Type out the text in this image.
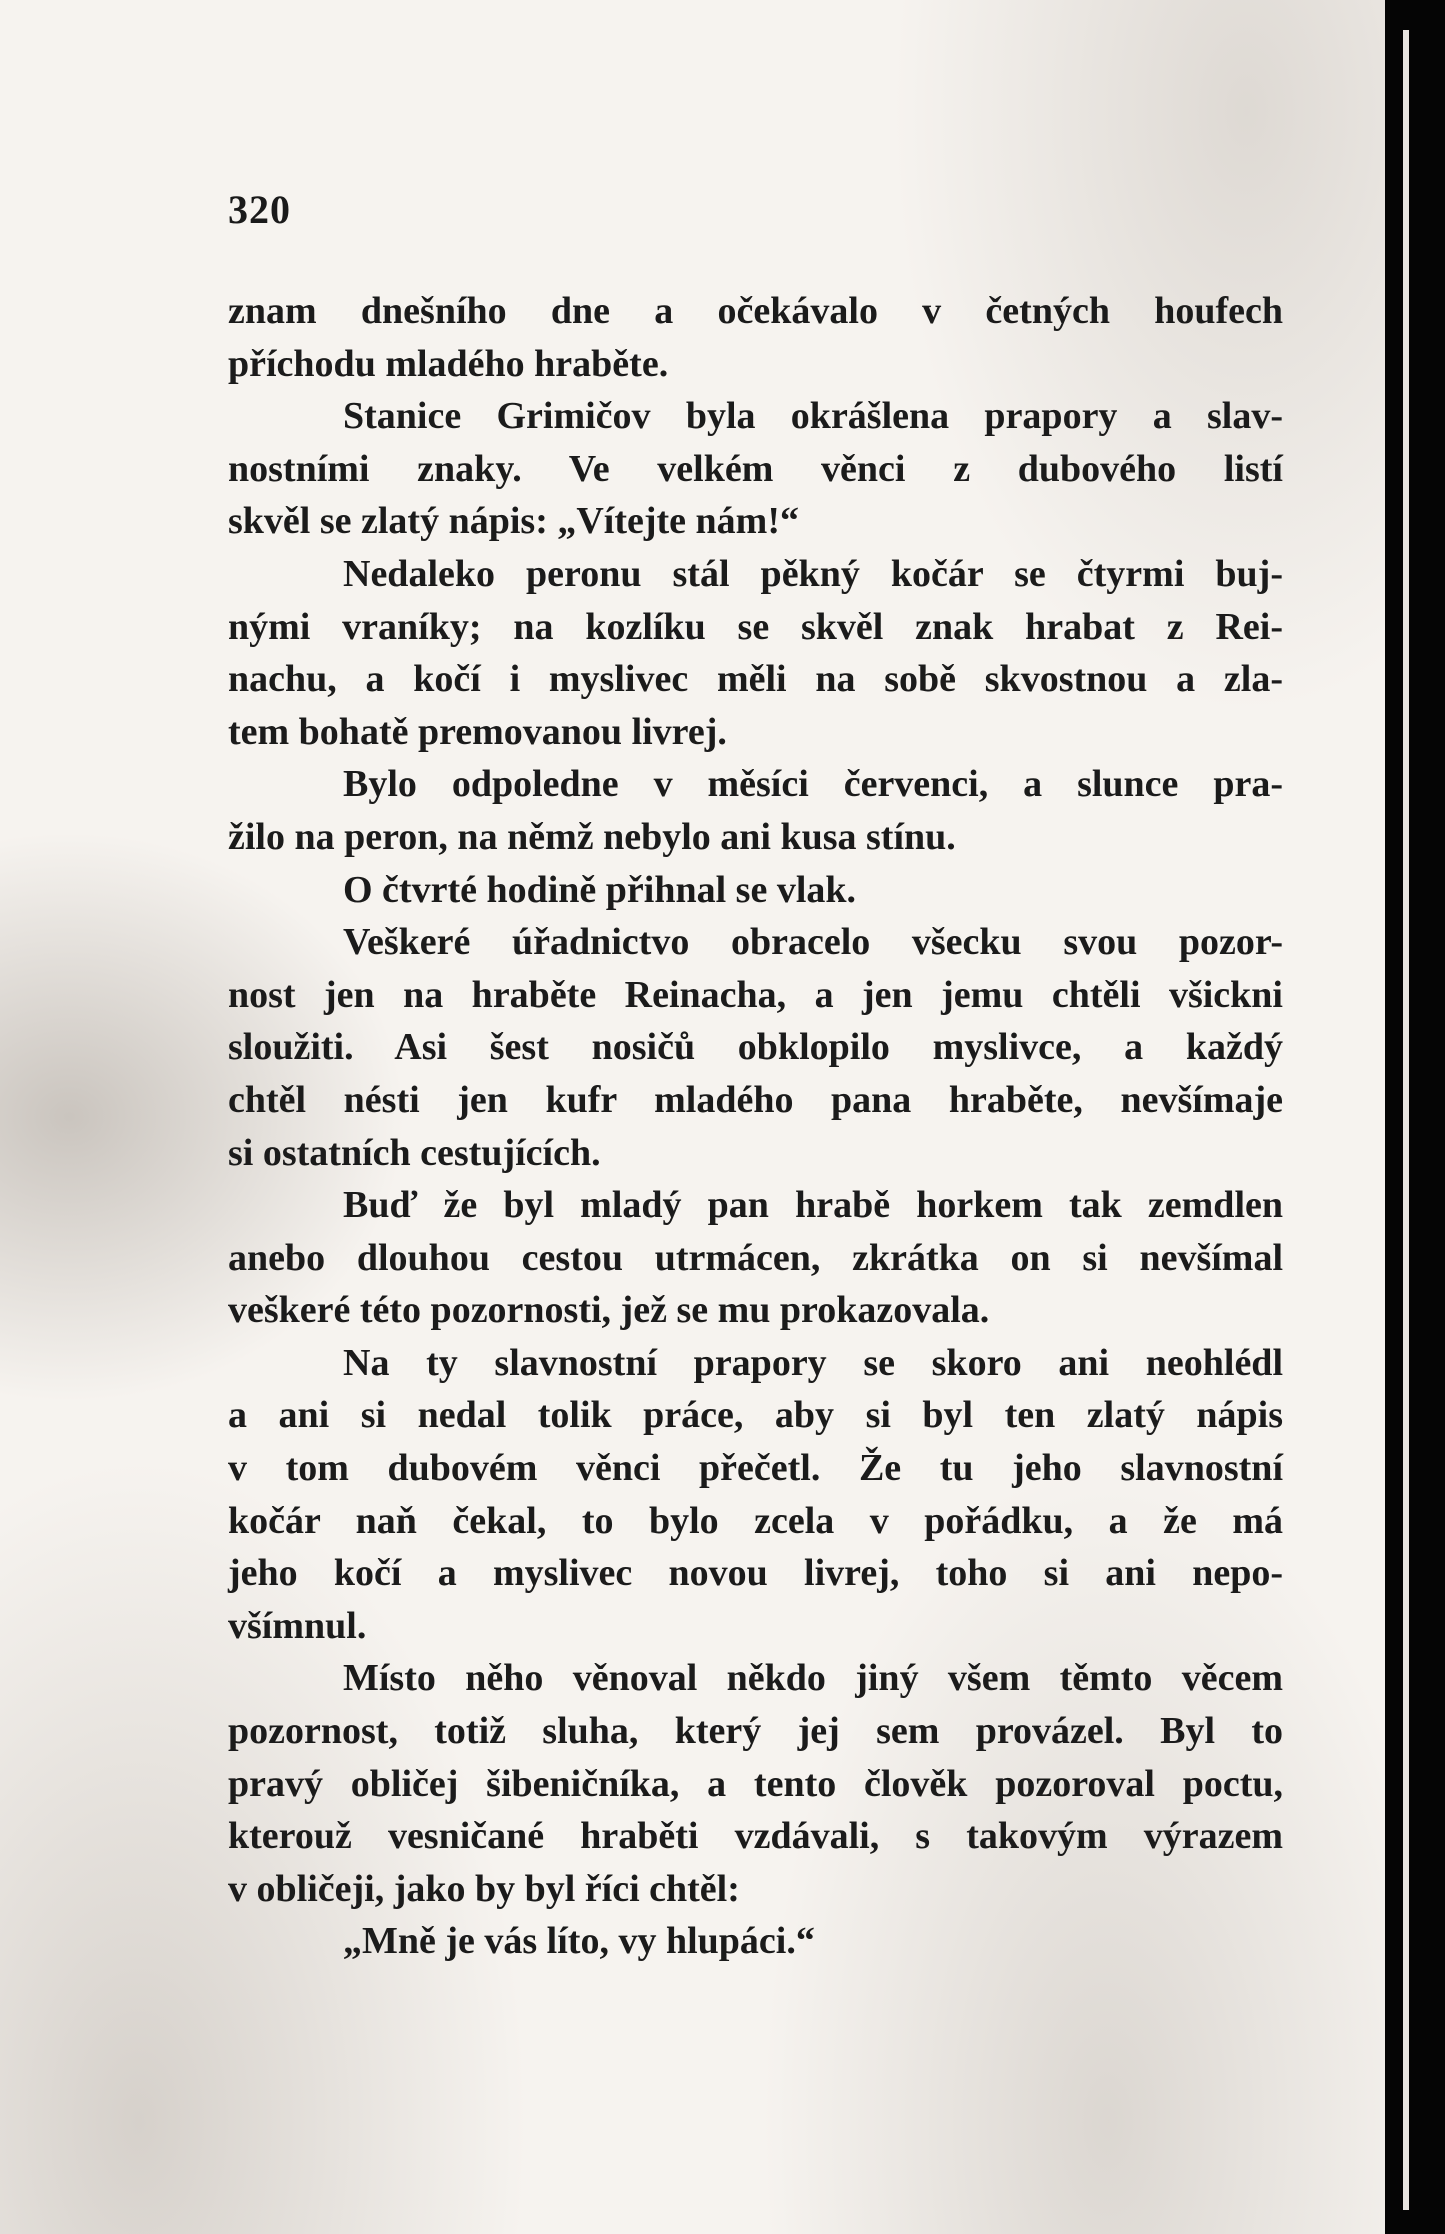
320
znam dnešního dne a očekávalo v četných houfech
příchodu mladého hraběte.
Stanice Grimičov byla okrášlena prapory a slav-
nostními znaky. Ve velkém věnci z dubového listí
skvěl se zlatý nápis: „Vítejte nám!“
Nedaleko peronu stál pěkný kočár se čtyrmi buj-
nými vraníky; na kozlíku se skvěl znak hrabat z Rei-
nachu, a kočí i myslivec měli na sobě skvostnou a zla-
tem bohatě premovanou livrej.
Bylo odpoledne v měsíci červenci, a slunce pra-
žilo na peron, na němž nebylo ani kusa stínu.
O čtvrté hodině přihnal se vlak.
Veškeré úřadnictvo obracelo všecku svou pozor-
nost jen na hraběte Reinacha, a jen jemu chtěli všickni
sloužiti. Asi šest nosičů obklopilo myslivce, a každý
chtěl nésti jen kufr mladého pana hraběte, nevšímaje
si ostatních cestujících.
Buď že byl mladý pan hrabě horkem tak zemdlen
anebo dlouhou cestou utrmácen, zkrátka on si nevšímal
veškeré této pozornosti, jež se mu prokazovala.
Na ty slavnostní prapory se skoro ani neohlédl
a ani si nedal tolik práce, aby si byl ten zlatý nápis
v tom dubovém věnci přečetl. Že tu jeho slavnostní
kočár naň čekal, to bylo zcela v pořádku, a že má
jeho kočí a myslivec novou livrej, toho si ani nepo-
všímnul.
Místo něho věnoval někdo jiný všem těmto věcem
pozornost, totiž sluha, který jej sem provázel. Byl to
pravý obličej šibeničníka, a tento člověk pozoroval poctu,
kterouž vesničané hraběti vzdávali, s takovým výrazem
v obličeji, jako by byl říci chtěl:
„Mně je vás líto, vy hlupáci.“
